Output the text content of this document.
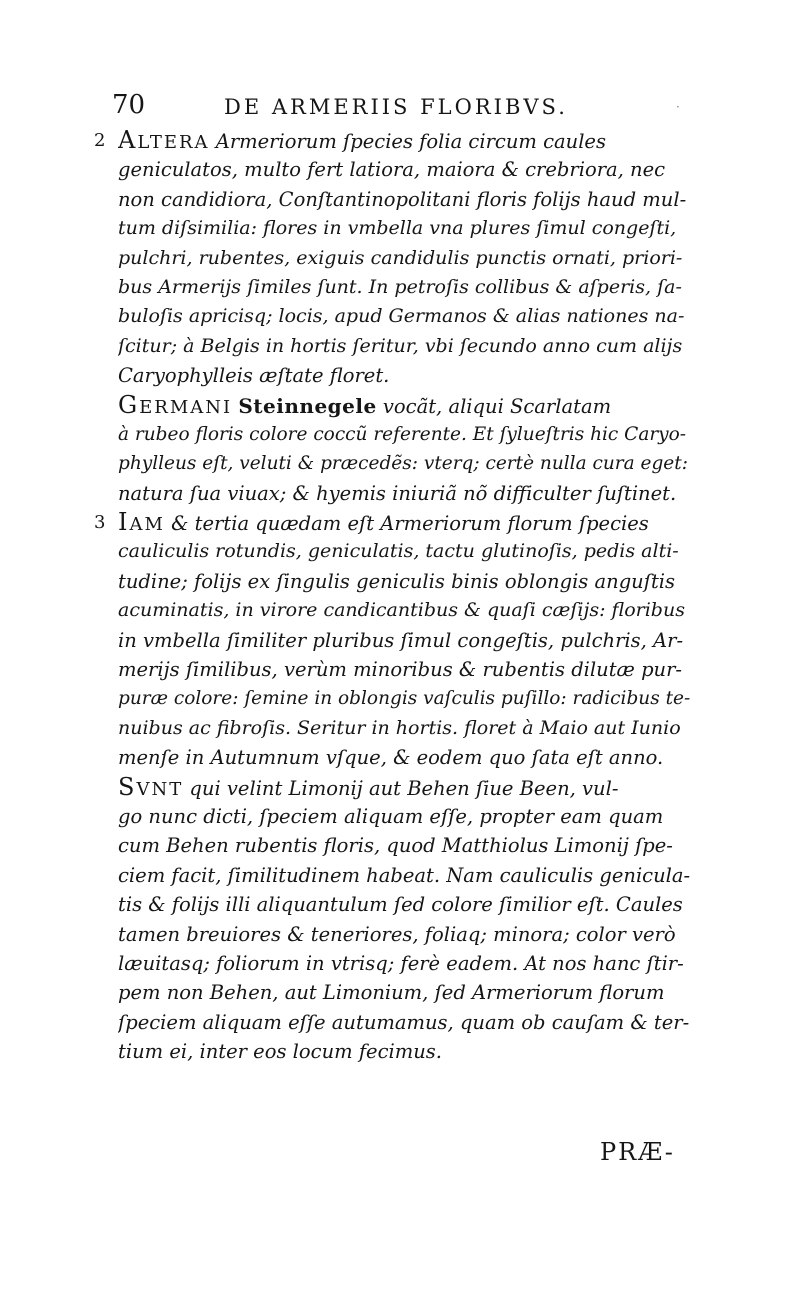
70	DE ARMERIIS FLORIBVS.	·
2 ALTERA Armeriorum ſpecies folia circum caules
geniculatos, multo fert latiora, maiora & crebriora, nec
non candidiora, Conſtantinopolitani floris folijs haud mul-
tum diſsimilia: flores in vmbella vna plures ſimul congeſti,
pulchri, rubentes, exiguis candidulis punctis ornati, priori-
bus Armerijs ſimiles ſunt. In petroſis collibus & aſperis, ſa-
buloſis apricisq; locis, apud Germanos & alias nationes na-
ſcitur; à Belgis in hortis ſeritur, vbi ſecundo anno cum alijs
Caryophylleis æſtate floret.
GERMANI Steinnegele vocãt, aliqui Scarlatam
à rubeo floris colore coccũ referente. Et ſylueſtris hic Caryo-
phylleus eſt, veluti & præcedẽs: vterq; certè nulla cura eget:
natura ſua viuax; & hyemis iniuriã nõ difficulter ſuſtinet.
3 IAM & tertia quædam eſt Armeriorum florum ſpecies
cauliculis rotundis, geniculatis, tactu glutinoſis, pedis alti-
tudine; folijs ex ſingulis geniculis binis oblongis anguſtis
acuminatis, in virore candicantibus & quaſi cæſijs: floribus
in vmbella ſimiliter pluribus ſimul congeſtis, pulchris, Ar-
merijs ſimilibus, verùm minoribus & rubentis dilutæ pur-
puræ colore: ſemine in oblongis vaſculis puſillo: radicibus te-
nuibus ac fibroſis. Seritur in hortis. floret à Maio aut Iunio
menſe in Autumnum vſque, & eodem quo ſata eſt anno.
SVNT qui velint Limonij aut Behen ſiue Been, vul-
go nunc dicti, ſpeciem aliquam eſſe, propter eam quam
cum Behen rubentis floris, quod Matthiolus Limonij ſpe-
ciem facit, ſimilitudinem habeat. Nam cauliculis genicula-
tis & folijs illi aliquantulum ſed colore ſimilior eſt. Caules
tamen breuiores & teneriores, foliaq; minora; color verò
læuitasq; foliorum in vtrisq; ferè eadem. At nos hanc ſtir-
pem non Behen, aut Limonium, ſed Armeriorum florum
ſpeciem aliquam eſſe autumamus, quam ob cauſam & ter-
tium ei, inter eos locum fecimus.
PRÆ-
